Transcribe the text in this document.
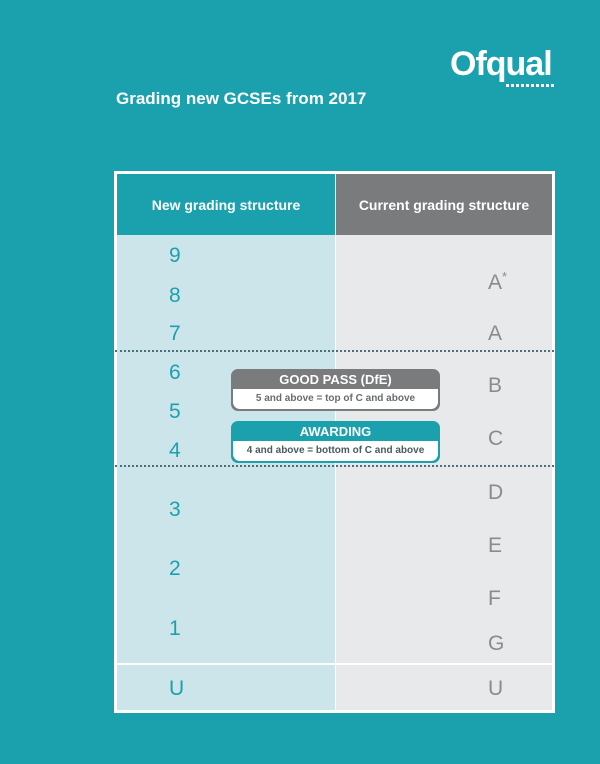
Ofqual
Grading new GCSEs from 2017
New grading structure	Current grading structure
9
8
7
6
5
4
3
2
1
U
A*
A
B
C
D
E
F
G
U
GOOD PASS (DfE)
5 and above = top of C and above
AWARDING
4 and above = bottom of C and above
